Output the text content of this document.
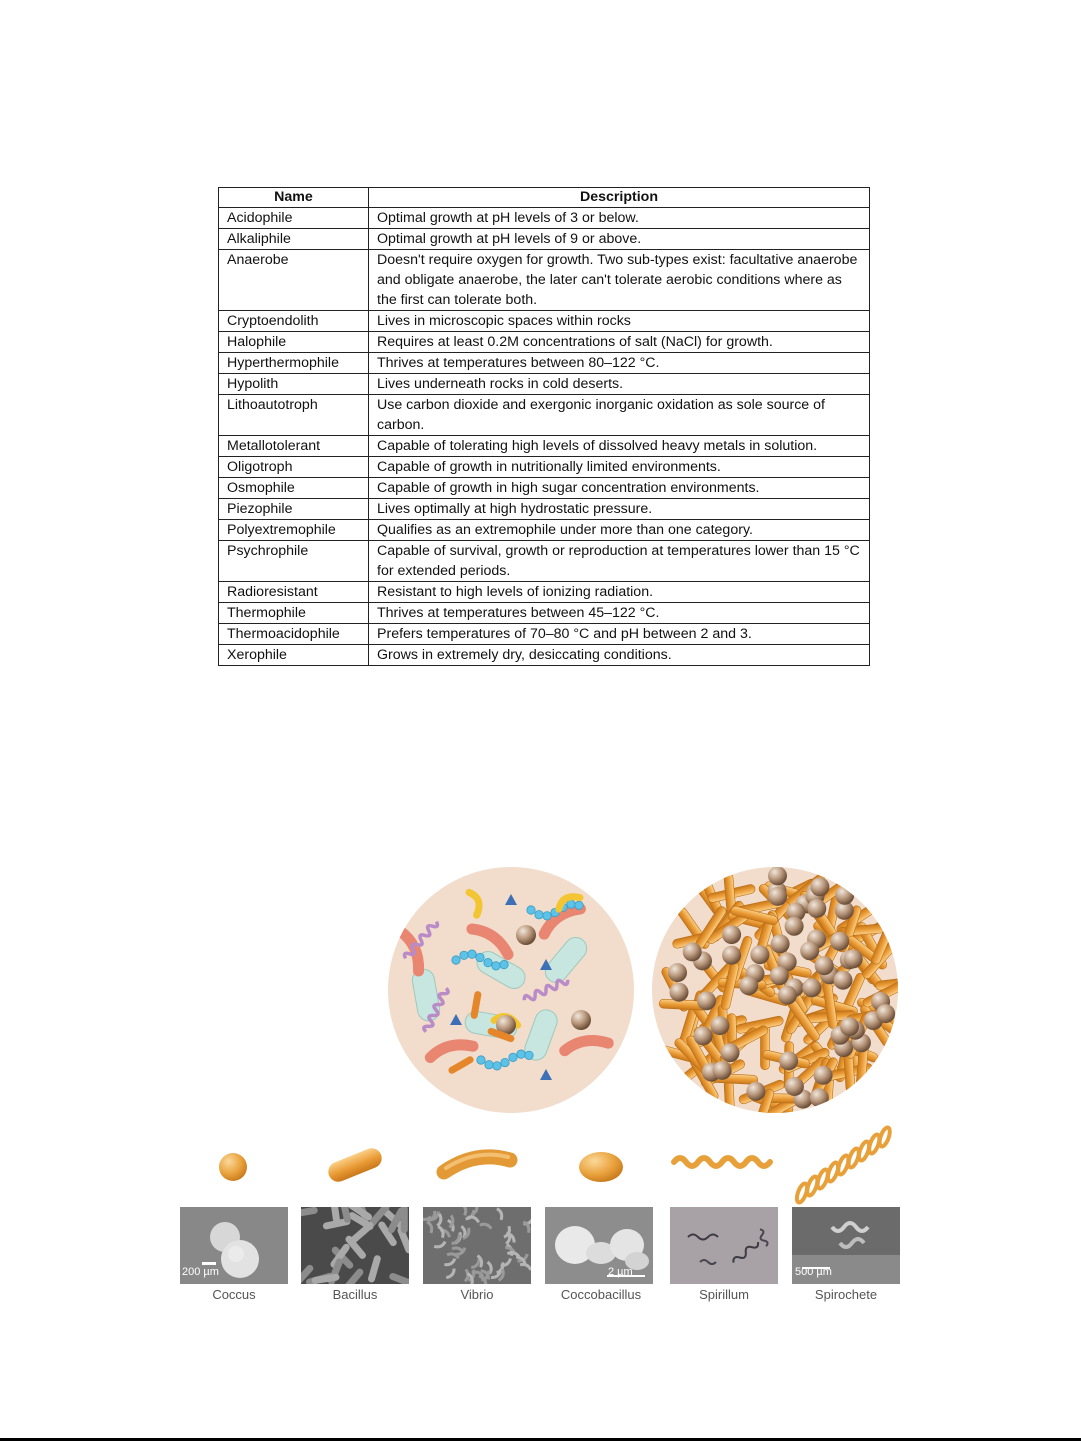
Name	Description
Acidophile	Optimal growth at pH levels of 3 or below.
Alkaliphile	Optimal growth at pH levels of 9 or above.
Anaerobe	Doesn't require oxygen for growth. Two sub-types exist: facultative anaerobe and obligate anaerobe, the later can't tolerate aerobic conditions where as the first can tolerate both.
Cryptoendolith	Lives in microscopic spaces within rocks
Halophile	Requires at least 0.2M concentrations of salt (NaCl) for growth.
Hyperthermophile	Thrives at temperatures between 80–122 °C.
Hypolith	Lives underneath rocks in cold deserts.
Lithoautotroph	Use carbon dioxide and exergonic inorganic oxidation as sole source of carbon.
Metallotolerant	Capable of tolerating high levels of dissolved heavy metals in solution.
Oligotroph	Capable of growth in nutritionally limited environments.
Osmophile	Capable of growth in high sugar concentration environments.
Piezophile	Lives optimally at high hydrostatic pressure.
Polyextremophile	Qualifies as an extremophile under more than one category.
Psychrophile	Capable of survival, growth or reproduction at temperatures lower than 15 °C for extended periods.
Radioresistant	Resistant to high levels of ionizing radiation.
Thermophile	Thrives at temperatures between 45–122 °C.
Thermoacidophile	Prefers temperatures of 70–80 °C and pH between 2 and 3.
Xerophile	Grows in extremely dry, desiccating conditions.
200 µm	2 µm	500 µm
Coccus	Bacillus	Vibrio	Coccobacillus	Spirillum	Spirochete
